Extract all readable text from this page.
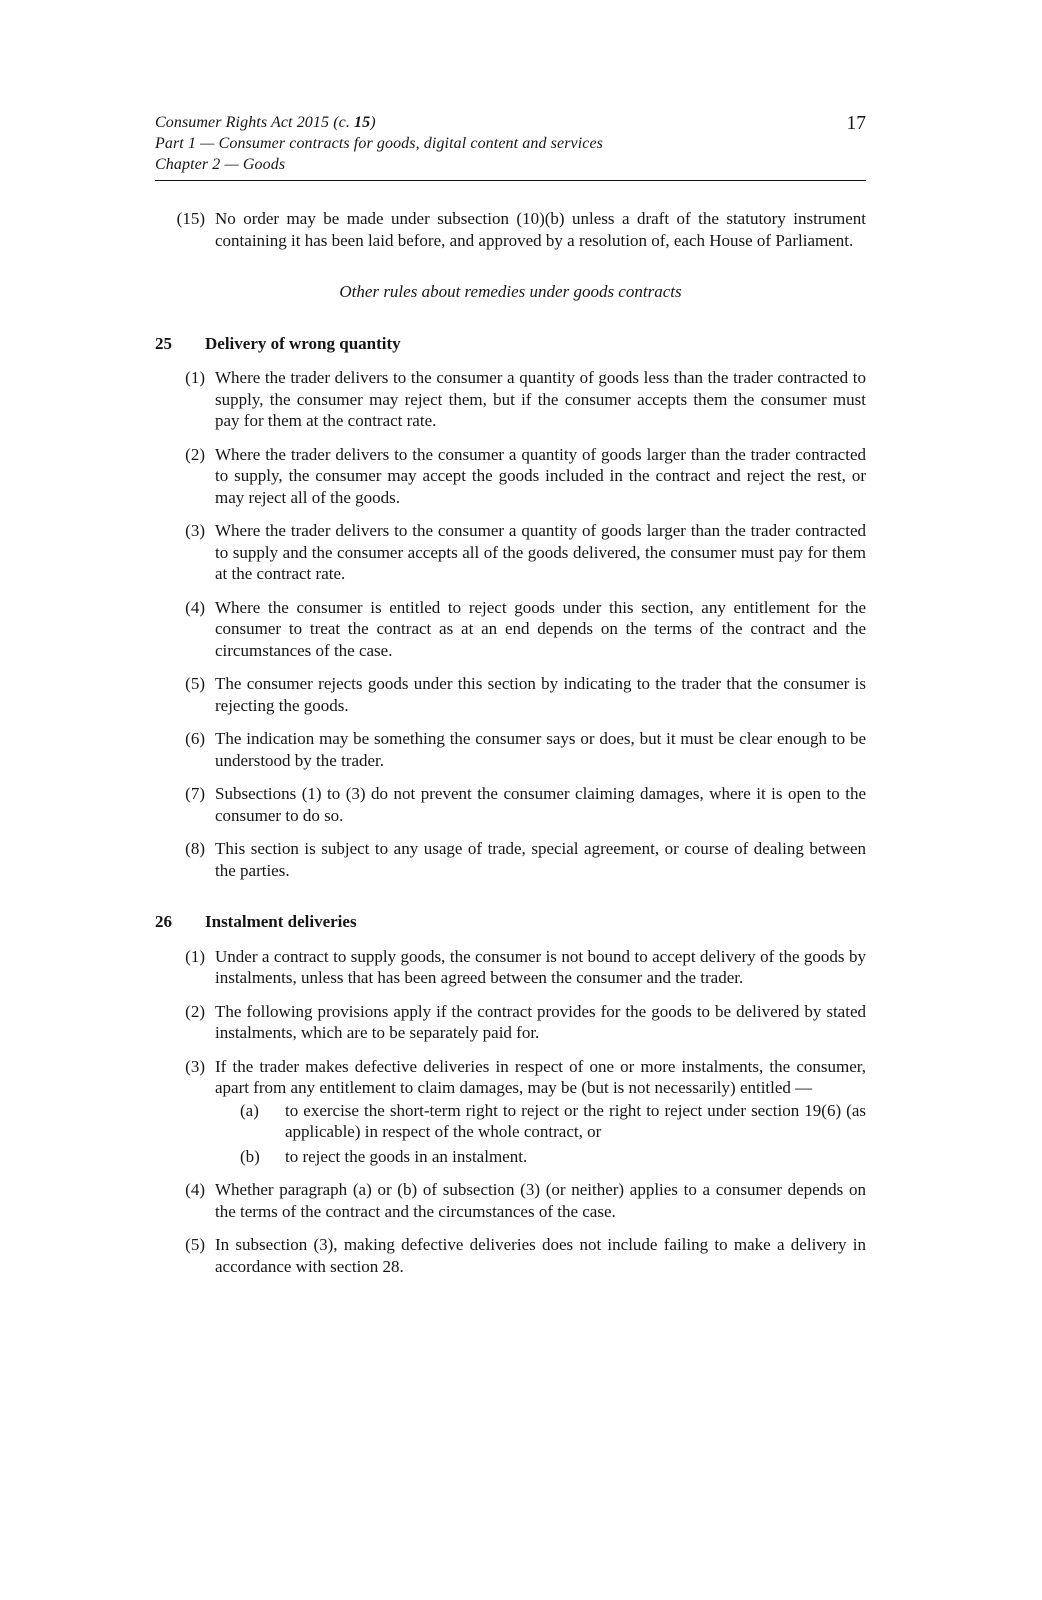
Consumer Rights Act 2015 (c. 15)
Part 1 — Consumer contracts for goods, digital content and services
Chapter 2 — Goods
17
(15) No order may be made under subsection (10)(b) unless a draft of the statutory instrument containing it has been laid before, and approved by a resolution of, each House of Parliament.

Other rules about remedies under goods contracts
25 Delivery of wrong quantity
(1) Where the trader delivers to the consumer a quantity of goods less than the trader contracted to supply, the consumer may reject them, but if the consumer accepts them the consumer must pay for them at the contract rate.

(2) Where the trader delivers to the consumer a quantity of goods larger than the trader contracted to supply, the consumer may accept the goods included in the contract and reject the rest, or may reject all of the goods.

(3) Where the trader delivers to the consumer a quantity of goods larger than the trader contracted to supply and the consumer accepts all of the goods delivered, the consumer must pay for them at the contract rate.

(4) Where the consumer is entitled to reject goods under this section, any entitlement for the consumer to treat the contract as at an end depends on the terms of the contract and the circumstances of the case.

(5) The consumer rejects goods under this section by indicating to the trader that the consumer is rejecting the goods.

(6) The indication may be something the consumer says or does, but it must be clear enough to be understood by the trader.

(7) Subsections (1) to (3) do not prevent the consumer claiming damages, where it is open to the consumer to do so.

(8) This section is subject to any usage of trade, special agreement, or course of dealing between the parties.

26 Instalment deliveries
(1) Under a contract to supply goods, the consumer is not bound to accept delivery of the goods by instalments, unless that has been agreed between the consumer and the trader.

(2) The following provisions apply if the contract provides for the goods to be delivered by stated instalments, which are to be separately paid for.

(3) If the trader makes defective deliveries in respect of one or more instalments, the consumer, apart from any entitlement to claim damages, may be (but is not necessarily) entitled —

(a) to exercise the short-term right to reject or the right to reject under section 19(6) (as applicable) in respect of the whole contract, or

(b) to reject the goods in an instalment.

(4) Whether paragraph (a) or (b) of subsection (3) (or neither) applies to a consumer depends on the terms of the contract and the circumstances of the case.

(5) In subsection (3), making defective deliveries does not include failing to make a delivery in accordance with section 28.
